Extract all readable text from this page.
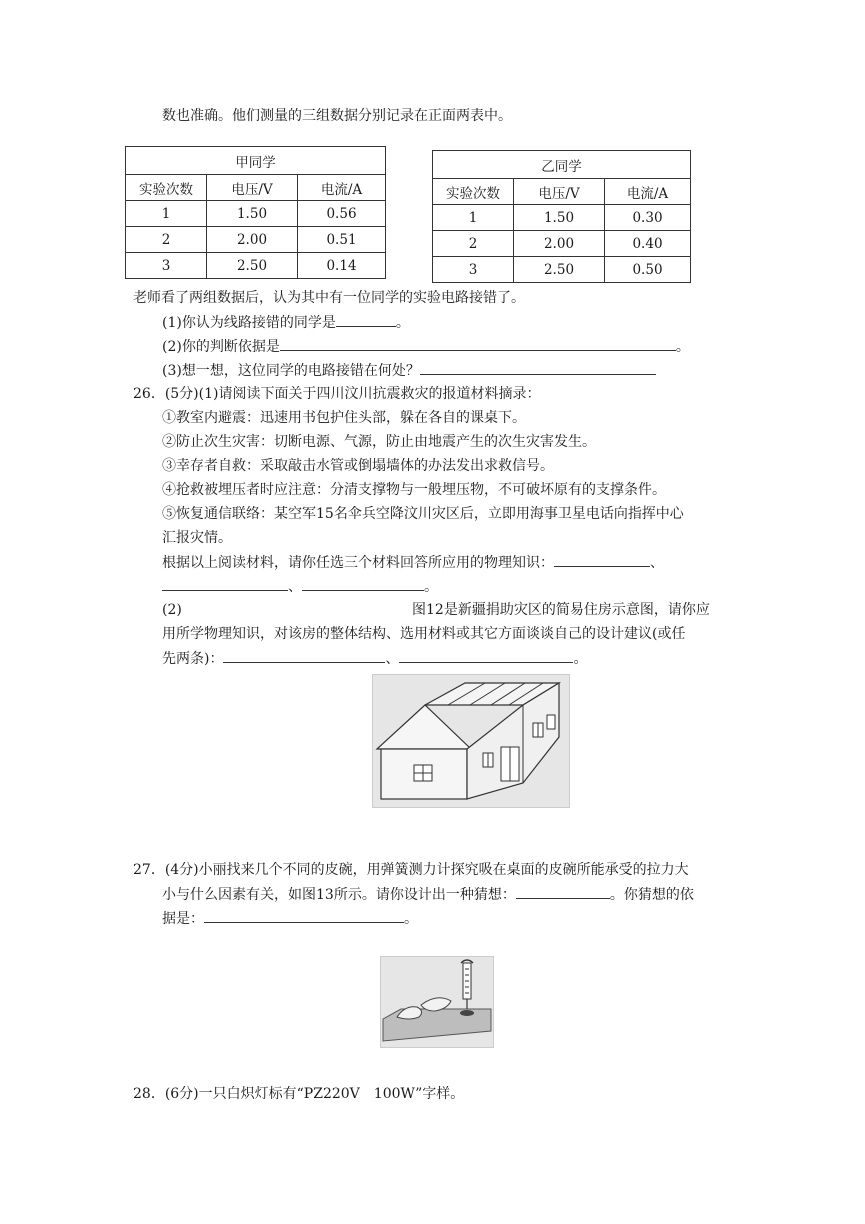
数也准确。他们测量的三组数据分别记录在正面两表中。
甲同学		
实验次数	电压/V	电流/A
1	1.50	0.56
2	2.00	0.51
3	2.50	0.14
乙同学		
实验次数	电压/V	电流/A
1	1.50	0.30
2	2.00	0.40
3	2.50	0.50
老师看了两组数据后，认为其中有一位同学的实验电路接错了。
(1)你认为线路接错的同学是	。
(2)你的判断依据是	。
(3)想一想，这位同学的电路接错在何处？
26．(5分)(1)请阅读下面关于四川汶川抗震救灾的报道材料摘录：
①教室内避震：迅速用书包护住头部，躲在各自的课桌下。
②防止次生灾害：切断电源、气源，防止由地震产生的次生灾害发生。
③幸存者自救：采取敲击水管或倒塌墙体的办法发出求救信号。
④抢救被埋压者时应注意：分清支撑物与一般埋压物，不可破坏原有的支撑条件。
⑤恢复通信联络：某空军15名伞兵空降汶川灾区后，立即用海事卫星电话向指挥中心
汇报灾情。
根据以上阅读材料，请你任选三个材料回答所应用的物理知识：	、
、	。
(2)	图12是新疆捐助灾区的简易住房示意图，请你应
用所学物理知识，对该房的整体结构、选用材料或其它方面谈谈自己的设计建议(或任
先两条)：	、	。
27．(4分)小丽找来几个不同的皮碗，用弹簧测力计探究吸在桌面的皮碗所能承受的拉力大
小与什么因素有关，如图13所示。请你设计出一种猜想：	。你猜想的依
据是：	。
28．(6分)一只白炽灯标有“PZ220V　100W”字样。
